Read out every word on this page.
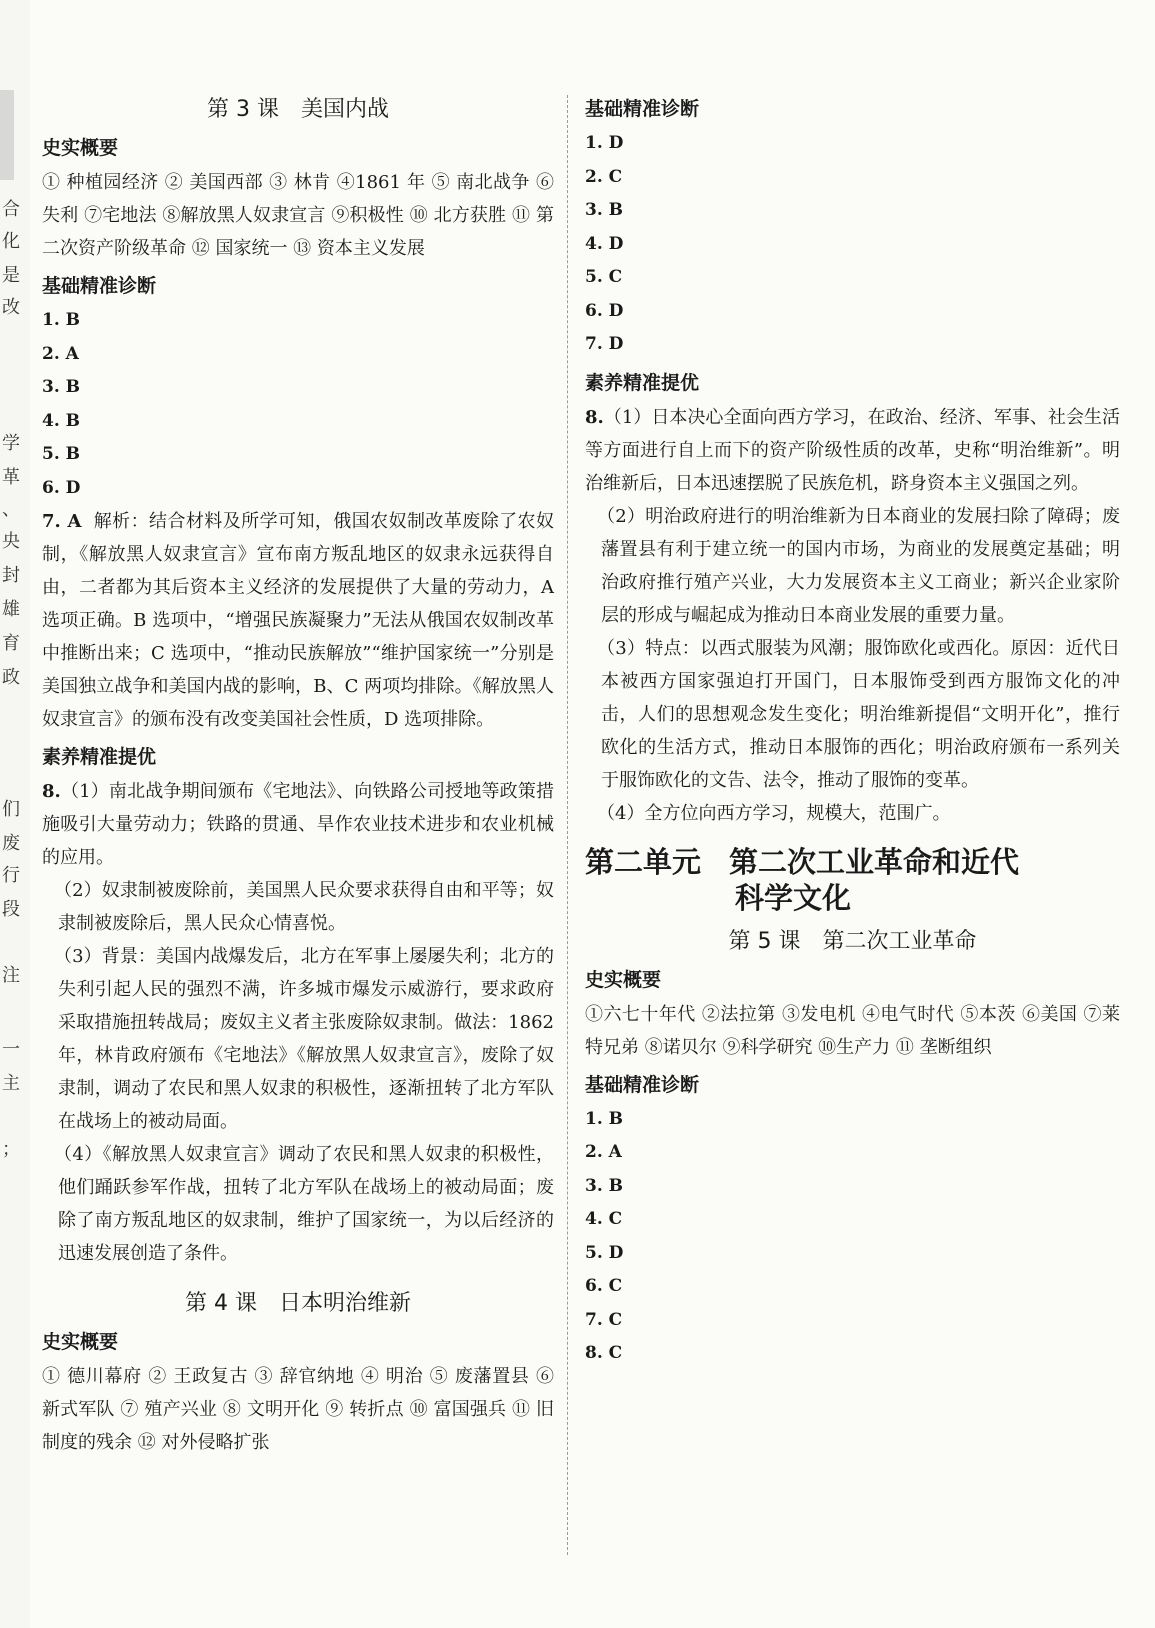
合
化
是
改
学
革
、
央
封
雄
育
政
们
废
行
段
注
一
主
；
第 3 课 美国内战
史实概要

① 种植园经济 ② 美国西部 ③ 林肯 ④1861 年 ⑤ 南北战争 ⑥失利 ⑦宅地法 ⑧解放黑人奴隶宣言 ⑨积极性 ⑩ 北方获胜 ⑪ 第二次资产阶级革命 ⑫ 国家统一 ⑬ 资本主义发展

基础精准诊断

1. B

2. A

3. B

4. B

5. B

6. D

7. A 解析：结合材料及所学可知，俄国农奴制改革废除了农奴制，《解放黑人奴隶宣言》宣布南方叛乱地区的奴隶永远获得自由，二者都为其后资本主义经济的发展提供了大量的劳动力，A 选项正确。B 选项中，“增强民族凝聚力”无法从俄国农奴制改革中推断出来；C 选项中，“推动民族解放”“维护国家统一”分别是美国独立战争和美国内战的影响，B、C 两项均排除。《解放黑人奴隶宣言》的颁布没有改变美国社会性质，D 选项排除。

素养精准提优

8.（1）南北战争期间颁布《宅地法》、向铁路公司授地等政策措施吸引大量劳动力；铁路的贯通、旱作农业技术进步和农业机械的应用。

（2）奴隶制被废除前，美国黑人民众要求获得自由和平等；奴隶制被废除后，黑人民众心情喜悦。

（3）背景：美国内战爆发后，北方在军事上屡屡失利；北方的失利引起人民的强烈不满，许多城市爆发示威游行，要求政府采取措施扭转战局；废奴主义者主张废除奴隶制。做法：1862 年，林肯政府颁布《宅地法》《解放黑人奴隶宣言》，废除了奴隶制，调动了农民和黑人奴隶的积极性，逐渐扭转了北方军队在战场上的被动局面。

（4）《解放黑人奴隶宣言》调动了农民和黑人奴隶的积极性，他们踊跃参军作战，扭转了北方军队在战场上的被动局面；废除了南方叛乱地区的奴隶制，维护了国家统一，为以后经济的迅速发展创造了条件。

第 4 课 日本明治维新
史实概要

① 德川幕府 ② 王政复古 ③ 辞官纳地 ④ 明治 ⑤ 废藩置县 ⑥ 新式军队 ⑦ 殖产兴业 ⑧ 文明开化 ⑨ 转折点 ⑩ 富国强兵 ⑪ 旧制度的残余 ⑫ 对外侵略扩张

基础精准诊断

1. D

2. C

3. B

4. D

5. C

6. D

7. D

素养精准提优

8.（1）日本决心全面向西方学习，在政治、经济、军事、社会生活等方面进行自上而下的资产阶级性质的改革，史称“明治维新”。明治维新后，日本迅速摆脱了民族危机，跻身资本主义强国之列。

（2）明治政府进行的明治维新为日本商业的发展扫除了障碍；废藩置县有利于建立统一的国内市场，为商业的发展奠定基础；明治政府推行殖产兴业，大力发展资本主义工商业；新兴企业家阶层的形成与崛起成为推动日本商业发展的重要力量。

（3）特点：以西式服装为风潮；服饰欧化或西化。原因：近代日本被西方国家强迫打开国门，日本服饰受到西方服饰文化的冲击，人们的思想观念发生变化；明治维新提倡“文明开化”，推行欧化的生活方式，推动日本服饰的西化；明治政府颁布一系列关于服饰欧化的文告、法令，推动了服饰的变革。

（4）全方位向西方学习，规模大，范围广。

第二单元 第二次工业革命和近代
科学文化
第 5 课 第二次工业革命
史实概要

①六七十年代 ②法拉第 ③发电机 ④电气时代 ⑤本茨 ⑥美国 ⑦莱特兄弟 ⑧诺贝尔 ⑨科学研究 ⑩生产力 ⑪ 垄断组织

基础精准诊断

1. B

2. A

3. B

4. C

5. D

6. C

7. C

8. C
